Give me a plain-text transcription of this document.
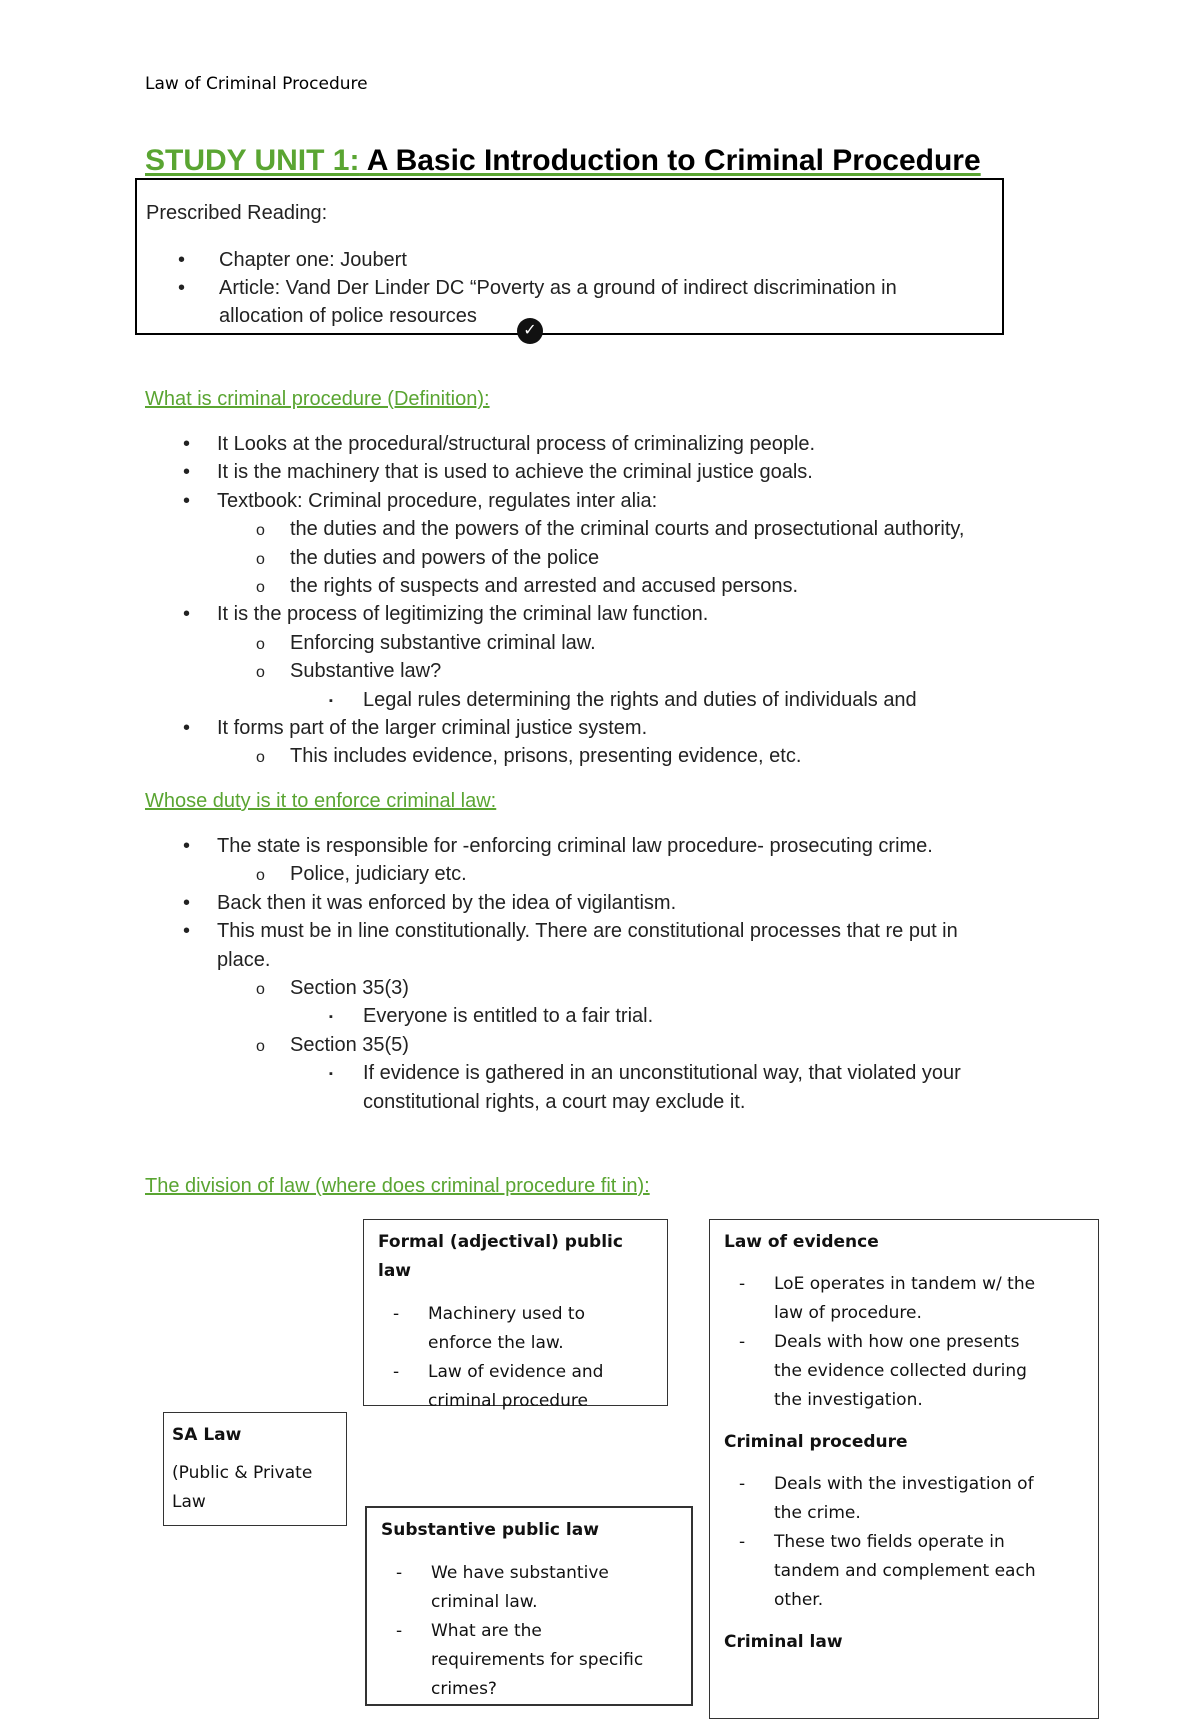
Law of Criminal Procedure
STUDY UNIT 1: A Basic Introduction to Criminal Procedure
Prescribed Reading:
• Chapter one: Joubert
• Article: Vand Der Linder DC “Poverty as a ground of indirect discrimination in
allocation of police resources
✓
What is criminal procedure (Definition):
• It Looks at the procedural/structural process of criminalizing people.
• It is the machinery that is used to achieve the criminal justice goals.
• Textbook: Criminal procedure, regulates inter alia:
o the duties and the powers of the criminal courts and prosectutional authority,
o the duties and powers of the police
o the rights of suspects and arrested and accused persons.
• It is the process of legitimizing the criminal law function.
o Enforcing substantive criminal law.
o Substantive law?
▪ Legal rules determining the rights and duties of individuals and
• It forms part of the larger criminal justice system.
o This includes evidence, prisons, presenting evidence, etc.
Whose duty is it to enforce criminal law:
• The state is responsible for -enforcing criminal law procedure- prosecuting crime.
o Police, judiciary etc.
• Back then it was enforced by the idea of vigilantism.
• This must be in line constitutionally. There are constitutional processes that re put in
place.
o Section 35(3)
▪ Everyone is entitled to a fair trial.
o Section 35(5)
▪ If evidence is gathered in an unconstitutional way, that violated your
constitutional rights, a court may exclude it.
The division of law (where does criminal procedure fit in):
SA Law
(Public & Private
Law
Formal (adjectival) public law
- Machinery used to
enforce the law.
- Law of evidence and
criminal procedure
Substantive public law
- We have substantive
criminal law.
- What are the
requirements for specific
crimes?
Law of evidence
- LoE operates in tandem w/ the
law of procedure.
- Deals with how one presents
the evidence collected during
the investigation.
Criminal procedure
- Deals with the investigation of
the crime.
- These two fields operate in
tandem and complement each
other.
Criminal law
